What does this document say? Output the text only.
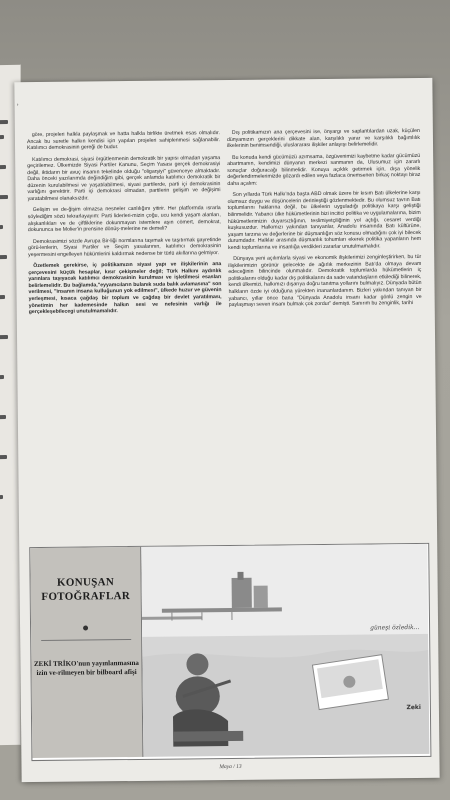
›

göre, projeleri halkla paylaşmak ve hatta halkla birlikte üretmek esas olmalıdır. Ancak bu suretle halkın kendisi için yapılan projeleri sahiplenmesi sağlanabilir. Katılımcı demokrasinin gereği de budur.

Katılımcı demokrasi, siyasi örgütlenmenin demokratik bir yapısı olmadan yaşama geçirilemez. Ülkemizde Siyasi Partiler Kanunu, Seçim Yasası gerçek demokrasiyi değil, iktidarın bir avuç insanın tekelinde olduğu "oligarşiyi" güvenceye almaktadır. Daha önceki yazılarımda değindiğim gibi, gerçek anlamda katılımcı demokratik bir düzenin kurulabilmesi ve yaşatılabilmesi, siyasi partilerde, parti içi demokrasinin varlığını gerektirir. Parti içi demokrasi olmadan, partilerin gelişim ve değişimi yaratabilmesi olanaksızdır.

Gelişim ve de-ğişim olmazsa nesneler canlılığını yitirir. Her platformda ısrarla söylediğim sözü tekrarlayayım: Parti liderleri-mizin çoğu, ucu kendi yaşam alanları, alışkanlıkları ve de çiftliklerine dokunmayan istemlere aşın cömert, demokrat, dokununca ise Molier'in prensine dönüş-melerine ne demeli?

Demokrasimizi sözde Avrupa Bir-liği normlarına taşımak ve taşıtırmak gayretinde görü-lenlerin, Siyasi Partiler ve Seçim yasalarının, katılımcı demokrasinin yeşermesini engelleyen hükümlerini kaldırmak nedense bir türlü akıllarına gelmiyor.

Özetlemek gerekirse, iç politikamızın siyasi yapı ve ilişkilerinin ana çerçevesini küçük hesaplar, kısır çekişmeler değil; Türk Halkını aydınlık yarınlara taşıyacak katılımcı demokrasinin kurulması ve işletilmesi esasları belirlemelidir. Bu bağlamda,"eyyamcıların bulanık suda balık avlamasına" son verilmesi, "insanın insana kulluğunun yok edilmesi", ülkede huzur ve güvenin yerleşmesi, kısaca çağdaş bir toplum ve çağdaş bir devlet yaratılması, yönetimin her kademesinde halkın sesi ve nefesinin varlığı ile gerçekleşebilecegi unutulmamalıdır.

Dış politikamızın ana çerçevesini ise, önyargı ve saplantılardan uzak, küçülen dünyamızın gerçeklerini dikkate alan, karşılıklı yarar ve karşılıklı bağımlılık ilkelerinin benimsendiği, uluslararası ilişkiler anlayışı belirlemelidir.

Bu konuda kendi gücümüzü azımsama, özgüvenimizi kaybetme kadar gücümüzü abartmanın, kendimizi dünyanın merkezi sanmanın da, Ulusumuz için zararlı sonuçlar doğuracağı bilinmelidir. Konuya açıklık getirmek için, dışa yönelik değerlendirmelerimizde gözardı edilen veya fazlaca önemsenen birkaç noktayı biraz daha açalım:

Son yıllarda Türk Halkı'nda başta ABD olmak üzere bir kısım Batı ülkelerine karşı olumsuz duygu ve düşüncelerin derinleştiği gözlenmektedir. Bu olumsuz tavrın Batı toplumlarını haklarına değil, bu ülkelerin uyguladığı politikaya karşı geliştiği bilinmelidir. Yabancı ülke hükümetlerinin bizi incitici politika ve uygulamalarına, bizim hükümetlerimizin duyarsızlığının, teslimiyetçiliğinin yol açtığı, cesaret verdiği kuşkusuzdur. Halkımızı yakından tanıyanlar, Anadolu insanında Batı kültürüne, yaşam tarzına ve değerlerine bir düşmanlığın söz konusu olmadığını çok iyi bilecek durumdadır. Halklar arasında düşmanlık tohumları ekerek politika yapanların hem kendi toplumlarına ve insanlığa verdikleri zararlar unutulmamalıdır.

Dünyaya yeni açılımlarla siyasi ve ekonomik ilişkilerimizi zenginleştirirken, bu tür ilişkilerimizin görünür gelecekte de ağırlık merkezinin Batı'da olmaya devam edeceğinin bilincinde olunmalıdır. Demokratik toplumlarda hükümetlerin iç politikalarını olduğu kadar dış politikalarını da sade vatandaşların etkilediği bilinerek, kendi ülkemizi, halkımızı dışarıya doğru tanıtma yollarını bulmalıyız. Dünyada bütün halkların özde iyi olduğuna yürekten inananlardanım. Bizleri yakından tanıyan bir yabancı, yıllar önce bana "Dünyada Anadolu insanı kadar gönlü zengin ve paylaşmayı seven insanı bulmak çok zordur" demişti. Sanırım bu zenginlik, tarihi

KONUŞAN FOTOĞRAFLAR
ZEKİ TRİKO'nun yayınlanmasına izin ve-rilmeyen bir bilboard afişi
güneşi özledik...
Zeki
Maya / 13
